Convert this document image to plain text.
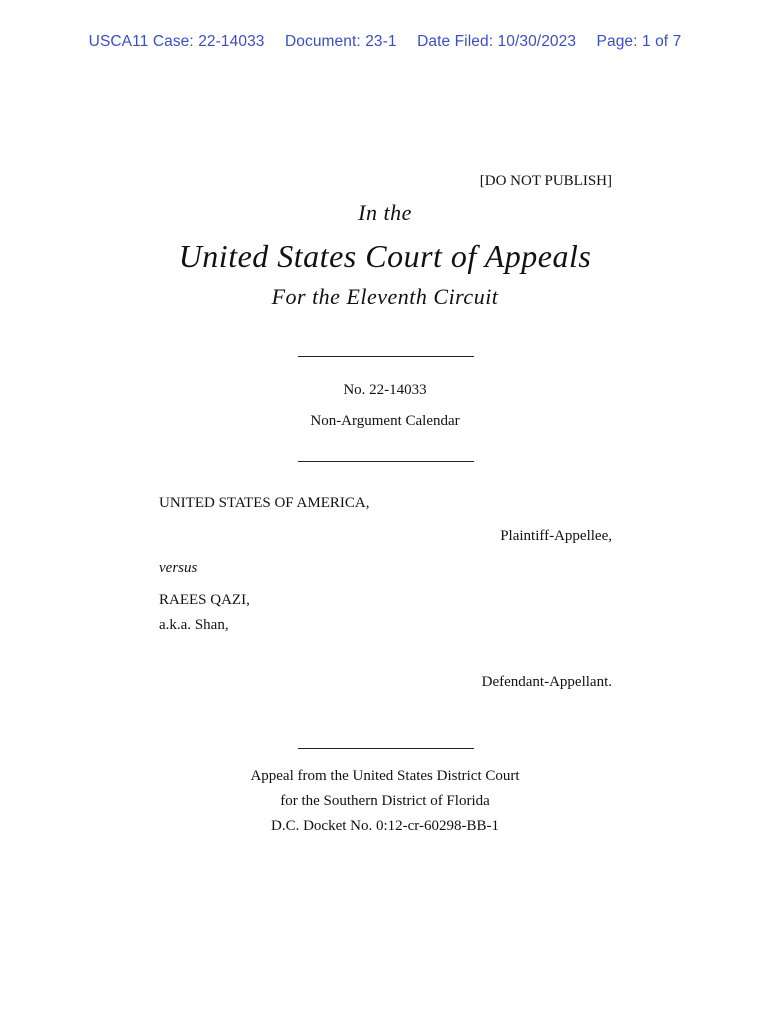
USCA11 Case: 22-14033 Document: 23-1 Date Filed: 10/30/2023 Page: 1 of 7
[DO NOT PUBLISH]
In the
United States Court of Appeals
For the Eleventh Circuit
No. 22-14033
Non-Argument Calendar
UNITED STATES OF AMERICA,
Plaintiff-Appellee,
versus
RAEES QAZI,
a.k.a. Shan,
Defendant-Appellant.
Appeal from the United States District Court
for the Southern District of Florida
D.C. Docket No. 0:12-cr-60298-BB-1
